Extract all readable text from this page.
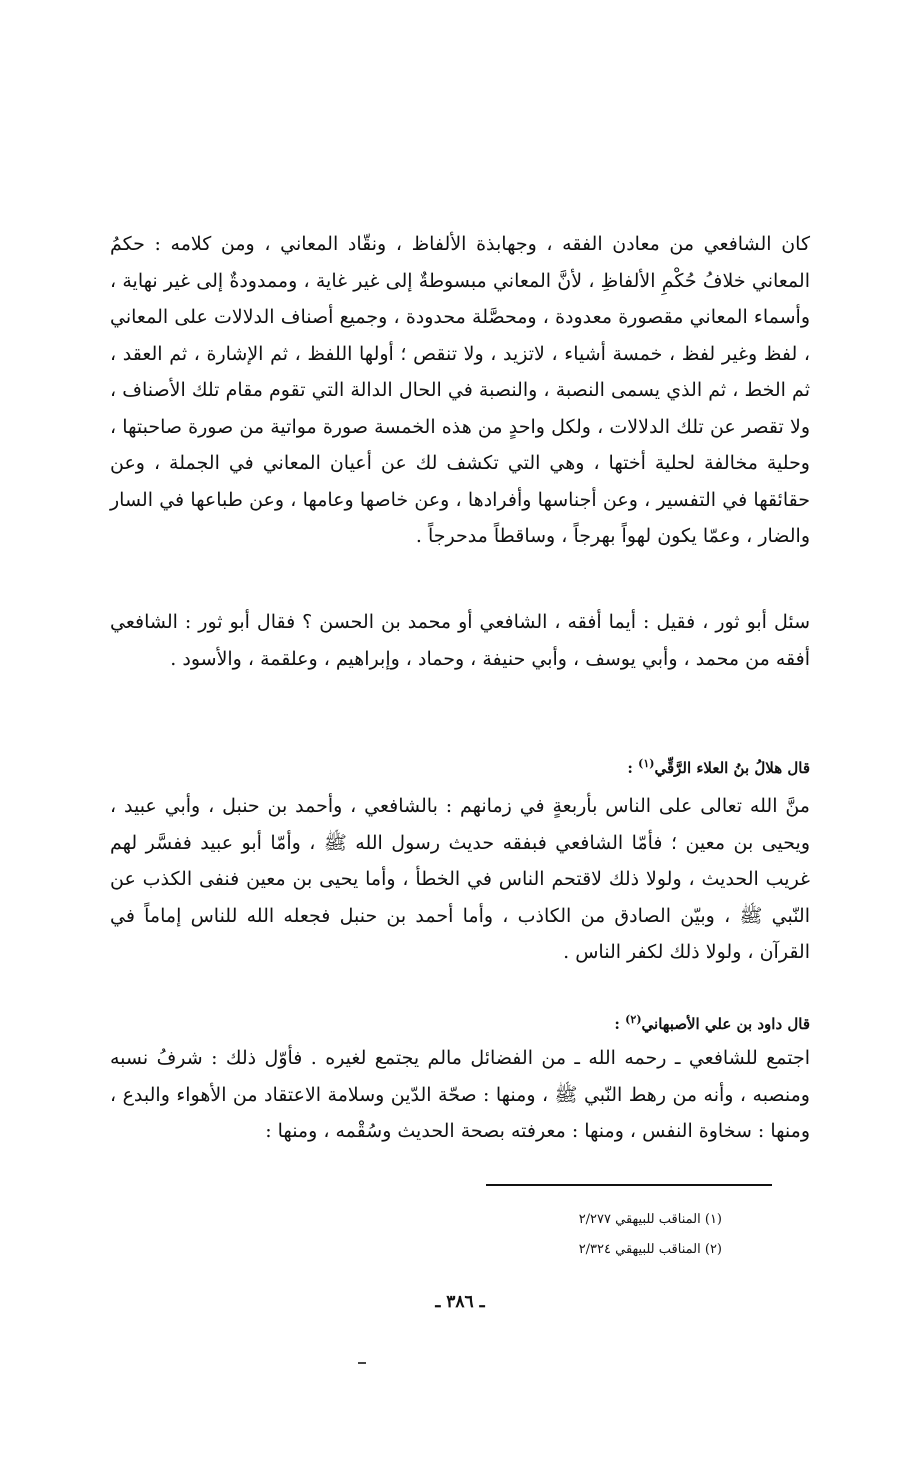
كان الشافعي من معادن الفقه ، وجهابذة الألفاظ ، ونقّاد المعاني ، ومن كلامه : حكمُ المعاني خلافُ حُكْمِ الألفاظِ ، لأنَّ المعاني مبسوطةٌ إلى غير غاية ، وممدودةٌ إلى غير نهاية ، وأسماء المعاني مقصورة معدودة ، ومحصَّلة محدودة ، وجميع أصناف الدلالات على المعاني ، لفظ وغير لفظ ، خمسة أشياء ، لاتزيد ، ولا تنقص ؛ أولها اللفظ ، ثم الإشارة ، ثم العقد ، ثم الخط ، ثم الذي يسمى النصبة ، والنصبة في الحال الدالة التي تقوم مقام تلك الأصناف ، ولا تقصر عن تلك الدلالات ، ولكل واحدٍ من هذه الخمسة صورة مواتية من صورة صاحبتها ، وحلية مخالفة لحلية أختها ، وهي التي تكشف لك عن أعيان المعاني في الجملة ، وعن حقائقها في التفسير ، وعن أجناسها وأفرادها ، وعن خاصها وعامها ، وعن طباعها في السار والضار ، وعمّا يكون لهواً بهرجاً ، وساقطاً مدحرجاً .
سئل أبو ثور ، فقيل : أيما أفقه ، الشافعي أو محمد بن الحسن ؟ فقال أبو ثور : الشافعي أفقه من محمد ، وأبي يوسف ، وأبي حنيفة ، وحماد ، وإبراهيم ، وعلقمة ، والأسود .
قال هلالُ بنُ العلاء الرَّقِّي$^{(١)}$ :
منَّ الله تعالى على الناس بأربعةٍ في زمانهم : بالشافعي ، وأحمد بن حنبل ، وأبي عبيد ، ويحيى بن معين ؛ فأمّا الشافعي فبفقه حديث رسول الله ﷺ ، وأمّا أبو عبيد ففسَّر لهم غريب الحديث ، ولولا ذلك لاقتحم الناس في الخطأ ، وأما يحيى بن معين فنفى الكذب عن النّبي ﷺ ، وبيّن الصادق من الكاذب ، وأما أحمد بن حنبل فجعله الله للناس إماماً في القرآن ، ولولا ذلك لكفر الناس .
قال داود بن علي الأصبهاني$^{(٢)}$ :
اجتمع للشافعي ـ رحمه الله ـ من الفضائل مالم يجتمع لغيره . فأوّل ذلك : شرفُ نسبه ومنصبه ، وأنه من رهط النّبي ﷺ ، ومنها : صحّة الدّين وسلامة الاعتقاد من الأهواء والبدع ، ومنها : سخاوة النفس ، ومنها : معرفته بصحة الحديث وسُقْمه ، ومنها :
(١) المناقب للبيهقي ٢/٢٧٧
(٢) المناقب للبيهقي ٢/٣٢٤
ـ ٣٨٦ ـ
